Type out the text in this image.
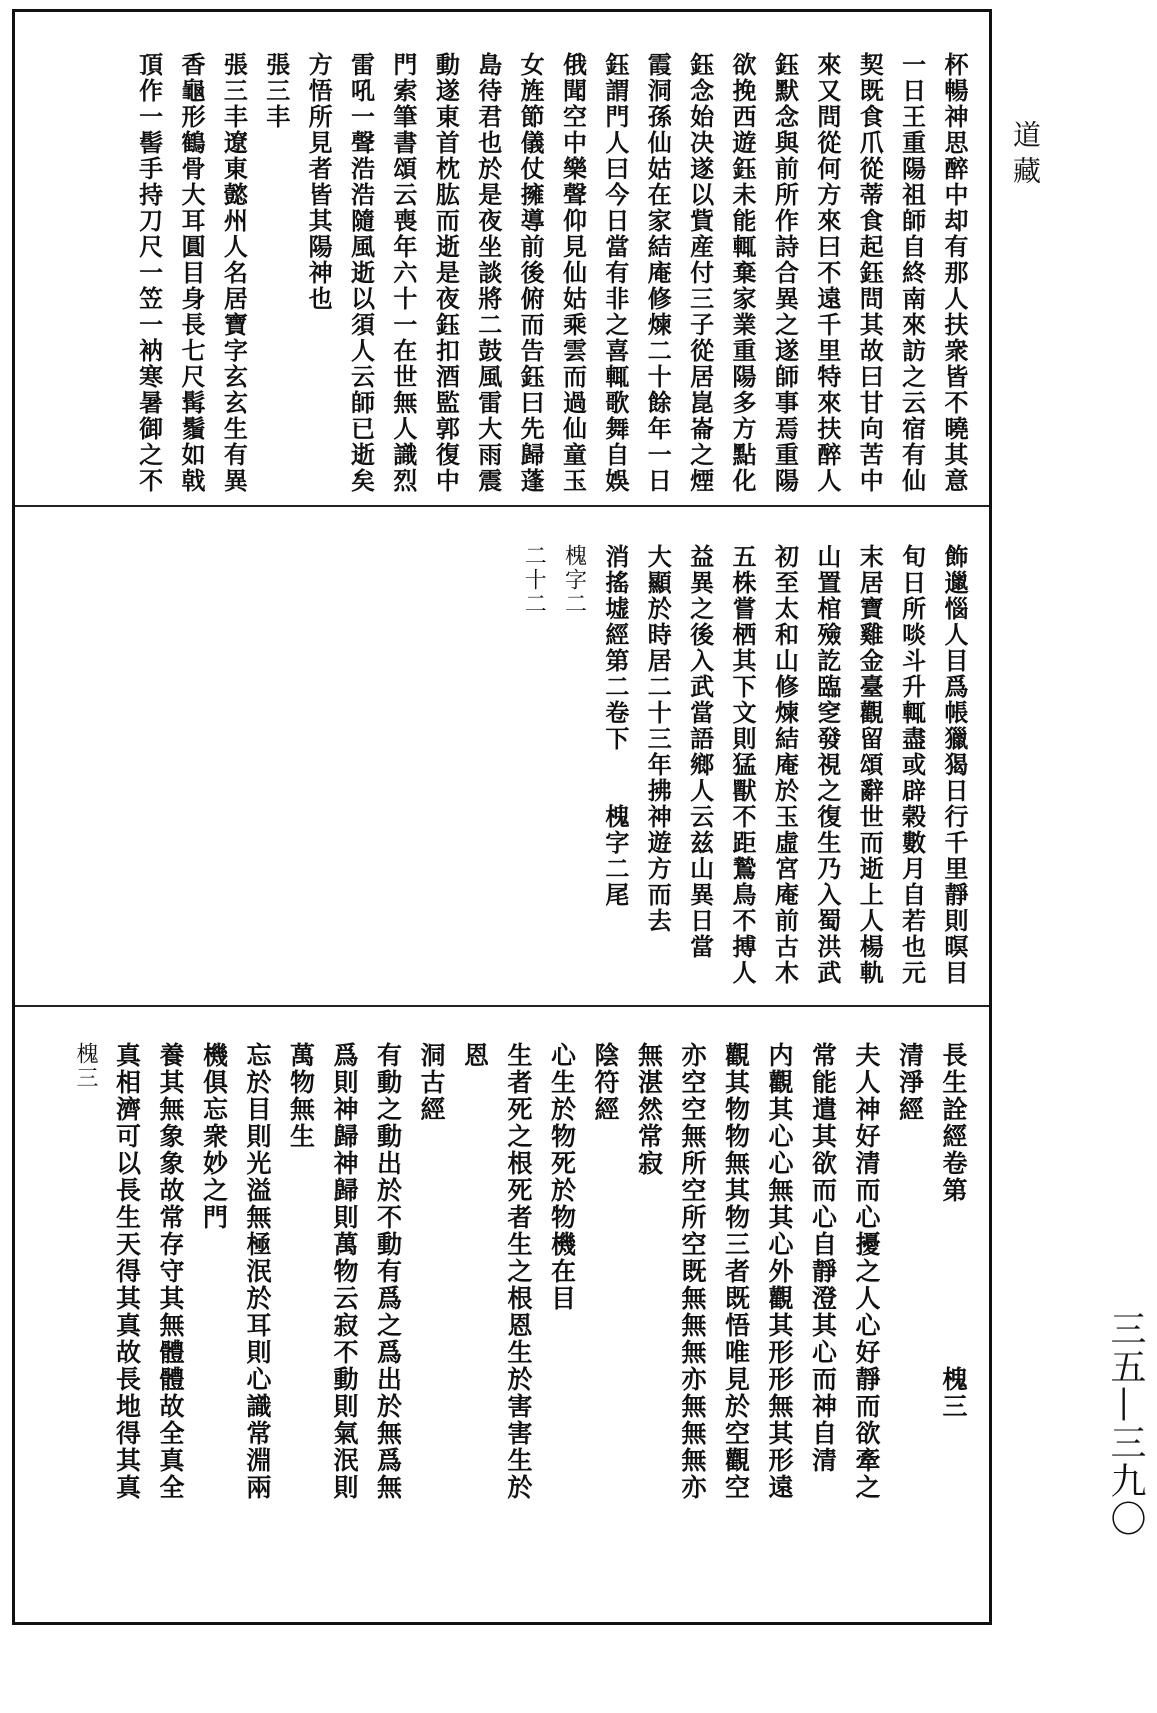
杯暢神思醉中却有那人扶衆皆不曉其意
一日王重陽祖師自終南來訪之云宿有仙
契既食爪從蒂食起鈺問其故曰甘向苦中
來又問從何方來曰不遠千里特來扶醉人
鈺默念與前所作詩合異之遂師事焉重陽
欲挽西遊鈺未能輒棄家業重陽多方點化
鈺念始决遂以貲産付三子從居崑崙之煙
霞洞孫仙姑在家結庵修煉二十餘年一日
鈺謂門人曰今日當有非之喜輒歌舞自娛
俄聞空中樂聲仰見仙姑乘雲而過仙童玉
女旌節儀仗擁導前後俯而告鈺曰先歸蓬
島待君也於是夜坐談將二鼓風雷大雨震
動遂東首枕肱而逝是夜鈺扣酒監郭復中
門索筆書頌云喪年六十一在世無人識烈
雷吼一聲浩浩隨風逝以須人云師已逝矣
方悟所見者皆其陽神也
張三丰
張三丰遼東懿州人名居寶字玄玄生有異
香龜形鶴骨大耳圓目身長七尺髯鬚如戟
頂作一髻手持刀尺一笠一衲寒暑御之不
飾邋惱人目爲帳獵猲日行千里靜則暝目
旬日所啖斗升輒盡或辟榖數月自若也元
末居寶雞金臺觀留頌辭世而逝上人楊軌
山置棺殮訖臨窆發視之復生乃入蜀洪武
初至太和山修煉結庵於玉虛宮庵前古木
五株嘗栖其下文則猛獸不距鷙鳥不搏人
益異之後入武當語鄉人云兹山異日當
大顯於時居二十三年拂神遊方而去
消搖墟經第二卷下　　槐字二尾
槐字二
二十二
長生詮經卷第　　　　　　槐三
清淨經
夫人神好清而心擾之人心好靜而欲牽之
常能遣其欲而心自靜澄其心而神自清
内觀其心心無其心外觀其形形無其形遠
觀其物物無其物三者既悟唯見於空觀空
亦空空無所空所空既無無無亦無無無亦
無湛然常寂
陰符經
心生於物死於物機在目
生者死之根死者生之根恩生於害害生於
恩
洞古經
有動之動出於不動有爲之爲出於無爲無
爲則神歸神歸則萬物云寂不動則氣泯則
萬物無生
忘於目則光溢無極泯於耳則心識常淵兩
機俱忘衆妙之門
養其無象象故常存守其無體體故全真全
真相濟可以長生天得其真故長地得其真
槐三
道藏
三五—三九〇
